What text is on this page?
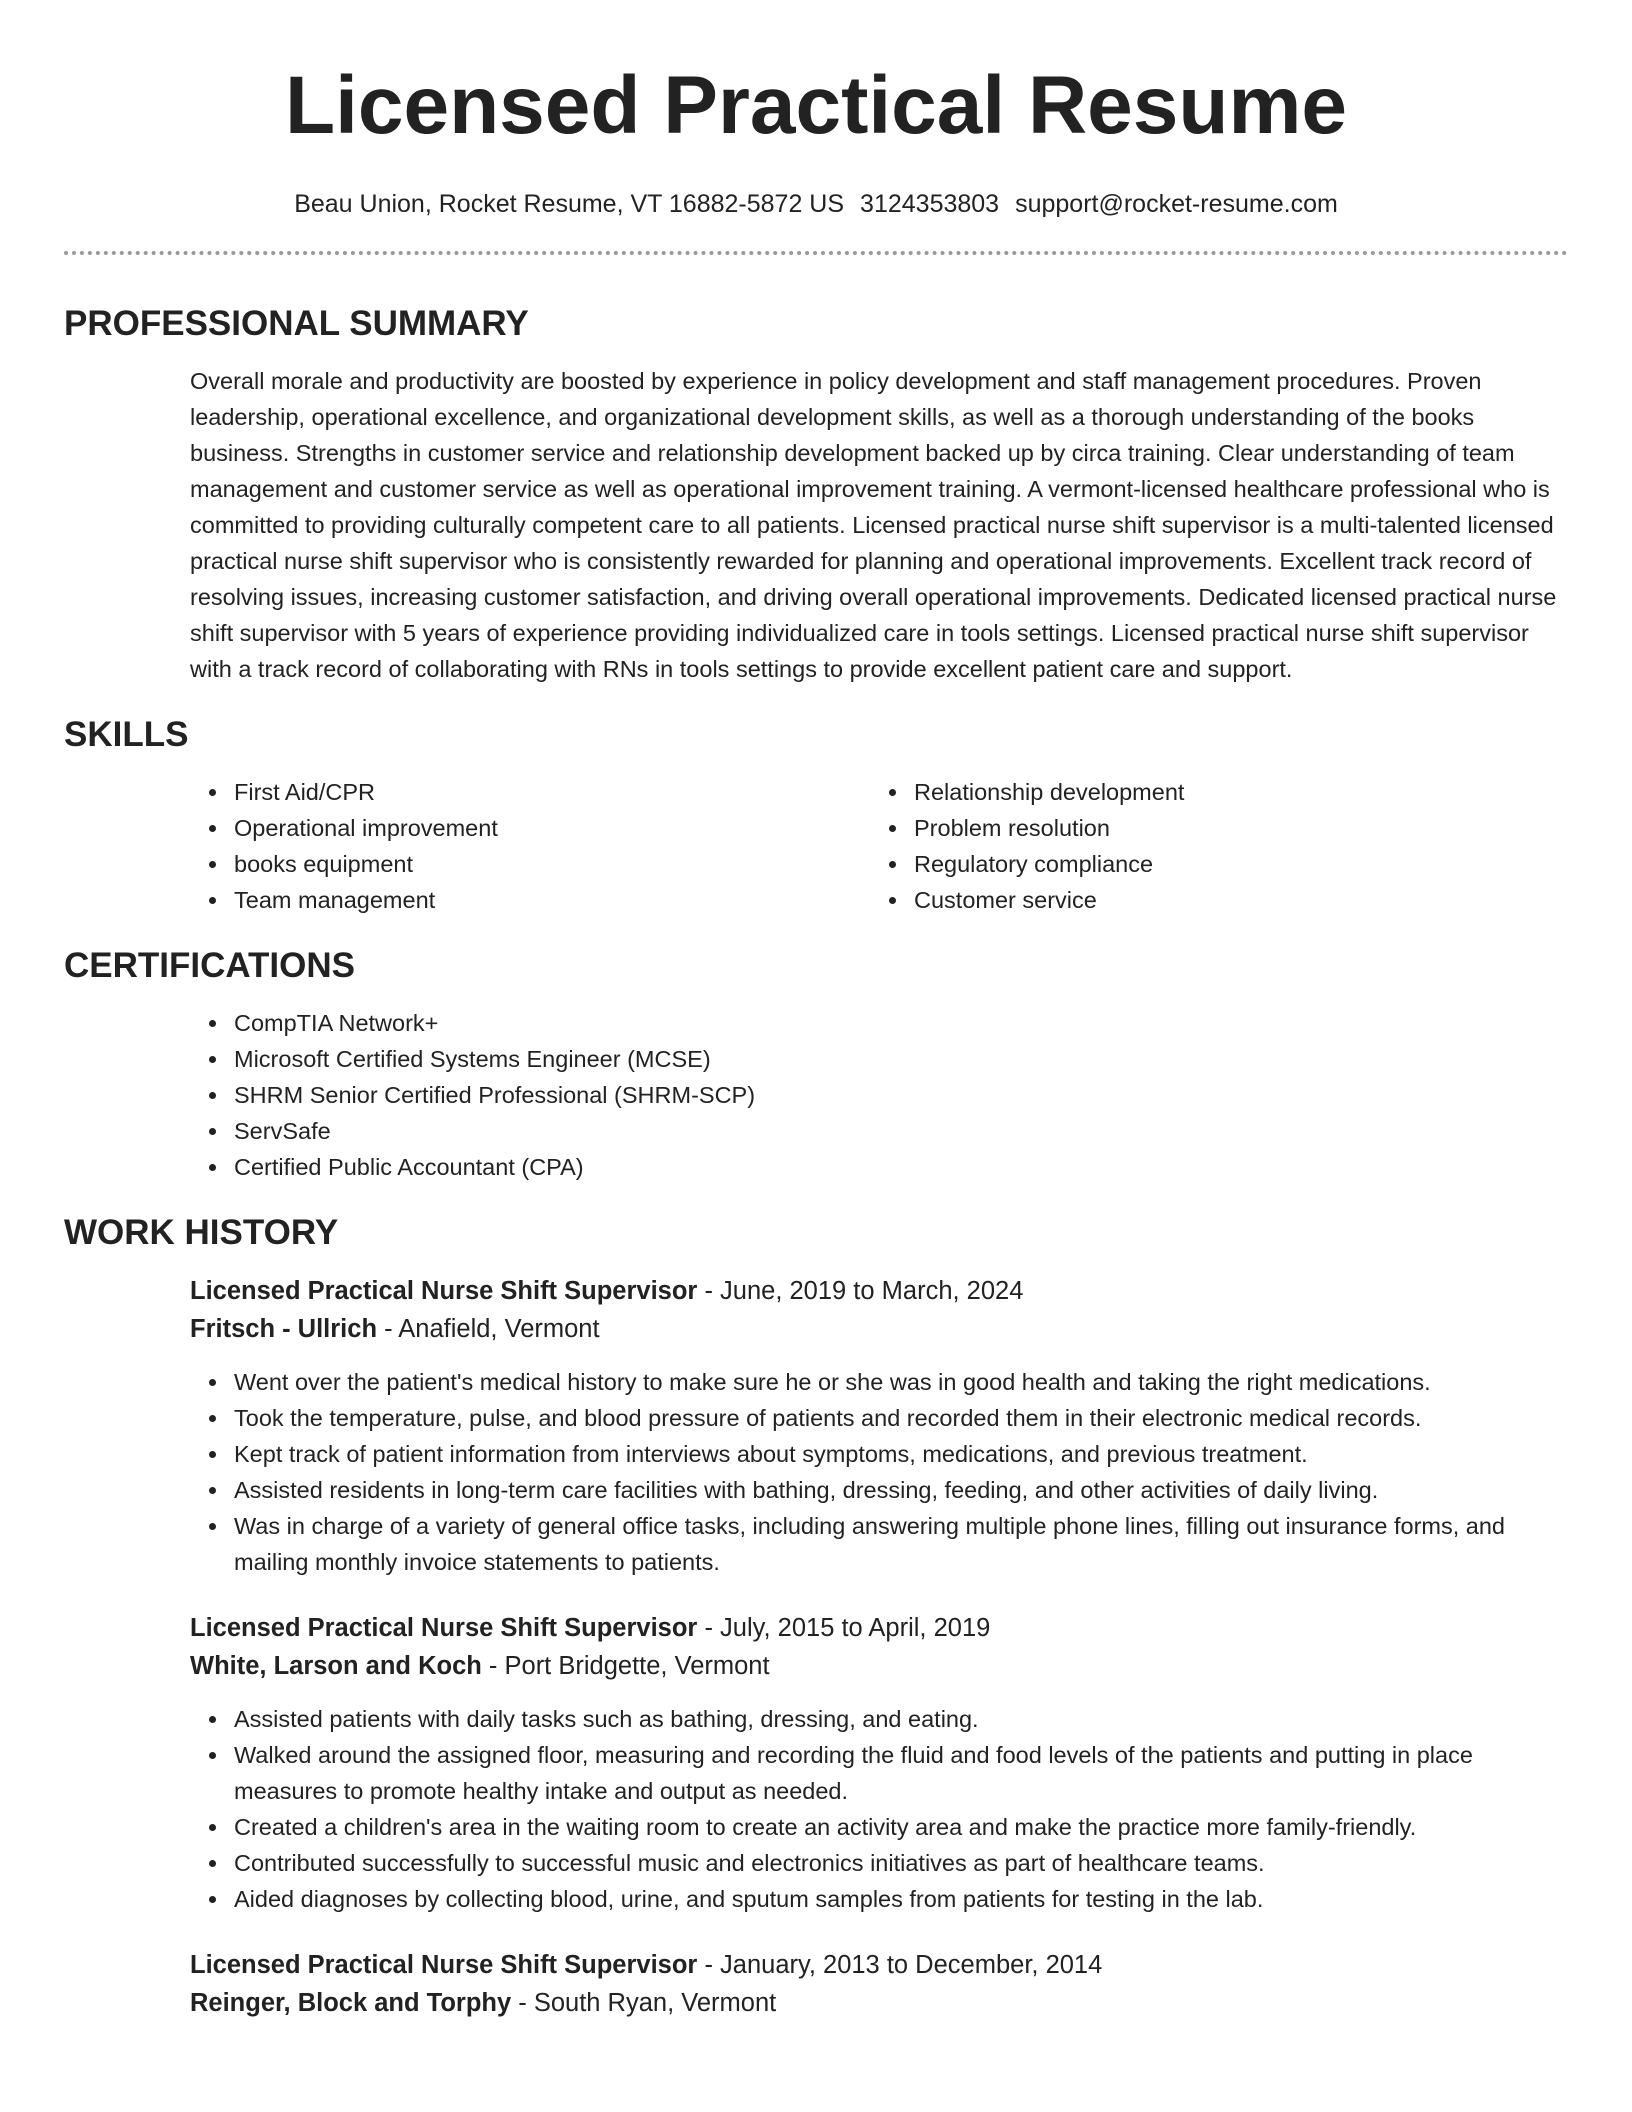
Licensed Practical Resume
Beau Union, Rocket Resume, VT 16882-5872 US 3124353803 support@rocket-resume.com
PROFESSIONAL SUMMARY

Overall morale and productivity are boosted by experience in policy development and staff management procedures. Proven leadership, operational excellence, and organizational development skills, as well as a thorough understanding of the books business. Strengths in customer service and relationship development backed up by circa training. Clear understanding of team management and customer service as well as operational improvement training. A vermont-licensed healthcare professional who is committed to providing culturally competent care to all patients. Licensed practical nurse shift supervisor is a multi-talented licensed practical nurse shift supervisor who is consistently rewarded for planning and operational improvements. Excellent track record of resolving issues, increasing customer satisfaction, and driving overall operational improvements. Dedicated licensed practical nurse shift supervisor with 5 years of experience providing individualized care in tools settings. Licensed practical nurse shift supervisor with a track record of collaborating with RNs in tools settings to provide excellent patient care and support.

SKILLS
First Aid/CPR
Operational improvement
books equipment
Team management
Relationship development
Problem resolution
Regulatory compliance
Customer service
CERTIFICATIONS
CompTIA Network+
Microsoft Certified Systems Engineer (MCSE)
SHRM Senior Certified Professional (SHRM-SCP)
ServSafe
Certified Public Accountant (CPA)
WORK HISTORY
Licensed Practical Nurse Shift Supervisor - June, 2019 to March, 2024
Fritsch - Ullrich - Anafield, Vermont
Went over the patient's medical history to make sure he or she was in good health and taking the right medications.
Took the temperature, pulse, and blood pressure of patients and recorded them in their electronic medical records.
Kept track of patient information from interviews about symptoms, medications, and previous treatment.
Assisted residents in long-term care facilities with bathing, dressing, feeding, and other activities of daily living.
Was in charge of a variety of general office tasks, including answering multiple phone lines, filling out insurance forms, and mailing monthly invoice statements to patients.
Licensed Practical Nurse Shift Supervisor - July, 2015 to April, 2019
White, Larson and Koch - Port Bridgette, Vermont
Assisted patients with daily tasks such as bathing, dressing, and eating.
Walked around the assigned floor, measuring and recording the fluid and food levels of the patients and putting in place measures to promote healthy intake and output as needed.
Created a children's area in the waiting room to create an activity area and make the practice more family-friendly.
Contributed successfully to successful music and electronics initiatives as part of healthcare teams.
Aided diagnoses by collecting blood, urine, and sputum samples from patients for testing in the lab.
Licensed Practical Nurse Shift Supervisor - January, 2013 to December, 2014
Reinger, Block and Torphy - South Ryan, Vermont
